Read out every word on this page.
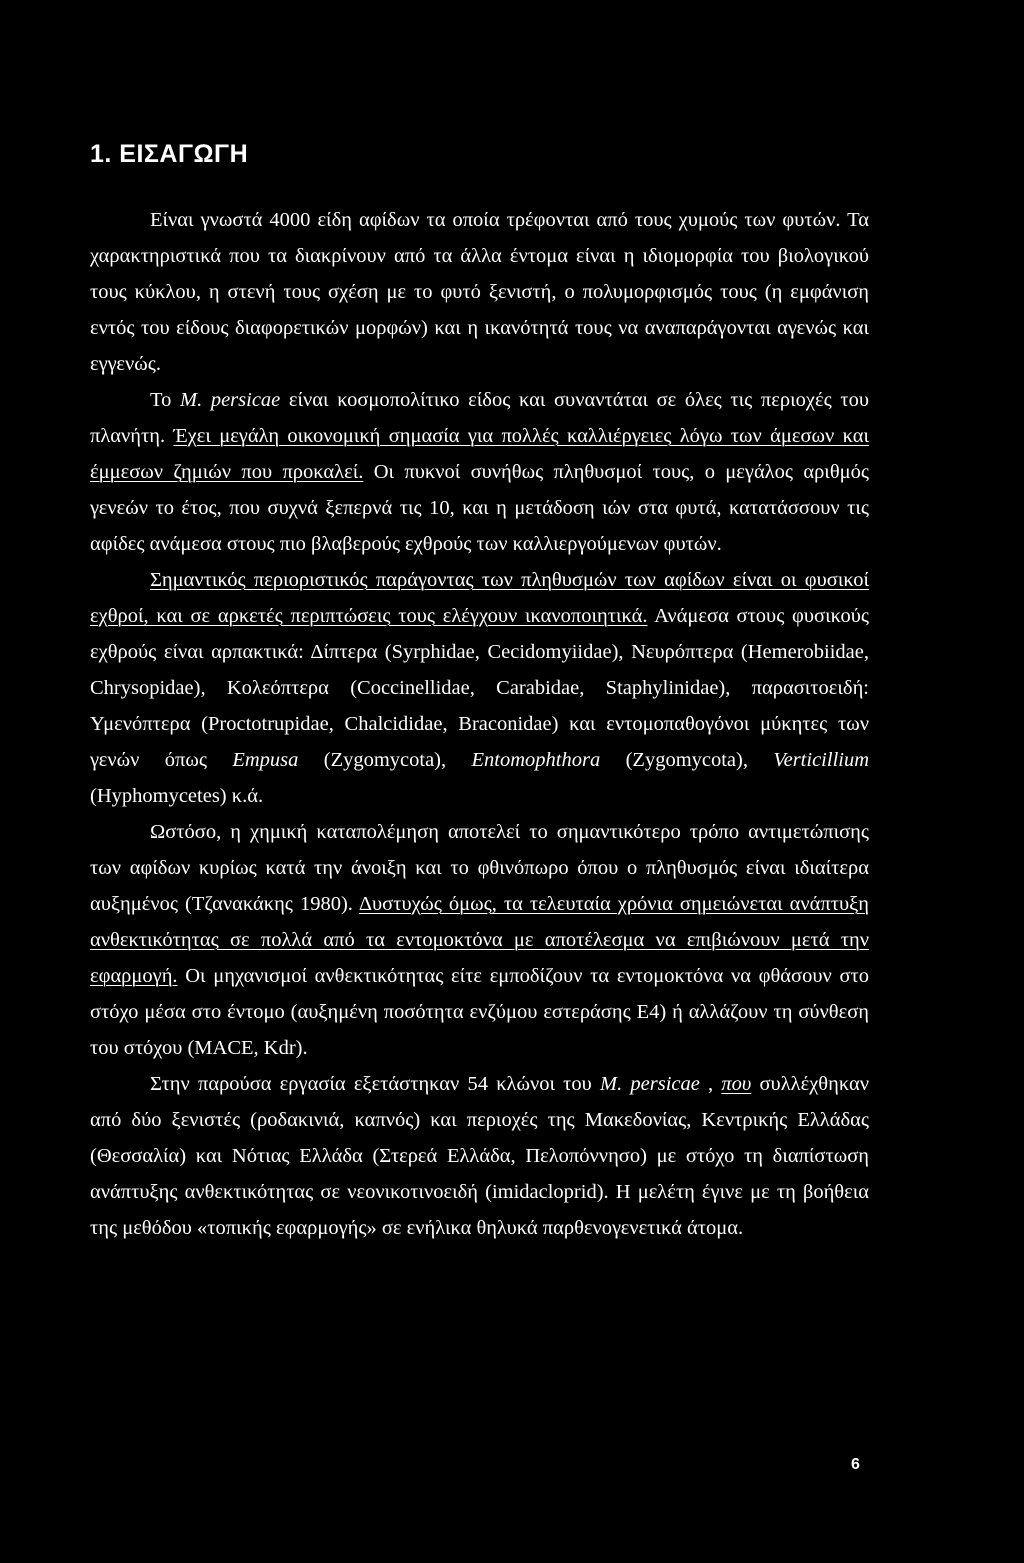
1. ΕΙΣΑΓΩΓΗ

Είναι γνωστά 4000 είδη αφίδων τα οποία τρέφονται από τους χυμούς των φυτών. Τα χαρακτηριστικά που τα διακρίνουν από τα άλλα έντομα είναι η ιδιομορφία του βιολογικού τους κύκλου, η στενή τους σχέση με το φυτό ξενιστή, ο πολυμορφισμός τους (η εμφάνιση εντός του είδους διαφορετικών μορφών) και η ικανότητά τους να αναπαράγονται αγενώς και εγγενώς.

Το M. persicae είναι κοσμοπολίτικο είδος και συναντάται σε όλες τις περιοχές του πλανήτη. Έχει μεγάλη οικονομική σημασία για πολλές καλλιέργειες λόγω των άμεσων και έμμεσων ζημιών που προκαλεί. Οι πυκνοί συνήθως πληθυσμοί τους, ο μεγάλος αριθμός γενεών το έτος, που συχνά ξεπερνά τις 10, και η μετάδοση ιών στα φυτά, κατατάσσουν τις αφίδες ανάμεσα στους πιο βλαβερούς εχθρούς των καλλιεργούμενων φυτών.

Σημαντικός περιοριστικός παράγοντας των πληθυσμών των αφίδων είναι οι φυσικοί εχθροί, και σε αρκετές περιπτώσεις τους ελέγχουν ικανοποιητικά. Ανάμεσα στους φυσικούς εχθρούς είναι αρπακτικά: Δίπτερα (Syrphidae, Cecidomyiidae), Νευρόπτερα (Hemerobiidae, Chrysopidae), Κολεόπτερα (Coccinellidae, Carabidae, Staphylinidae), παρασιτοειδή: Υμενόπτερα (Proctotrupidae, Chalcididae, Braconidae) και εντομοπαθογόνοι μύκητες των γενών όπως Empusa (Zygomycota), Entomophthora (Zygomycota), Verticillium (Hyphomycetes) κ.ά.

Ωστόσο, η χημική καταπολέμηση αποτελεί το σημαντικότερο τρόπο αντιμετώπισης των αφίδων κυρίως κατά την άνοιξη και το φθινόπωρο όπου ο πληθυσμός είναι ιδιαίτερα αυξημένος (Τζανακάκης 1980). Δυστυχώς όμως, τα τελευταία χρόνια σημειώνεται ανάπτυξη ανθεκτικότητας σε πολλά από τα εντομοκτόνα με αποτέλεσμα να επιβιώνουν μετά την εφαρμογή. Οι μηχανισμοί ανθεκτικότητας είτε εμποδίζουν τα εντομοκτόνα να φθάσουν στο στόχο μέσα στο έντομο (αυξημένη ποσότητα ενζύμου εστεράσης Ε4) ή αλλάζουν τη σύνθεση του στόχου (MACE, Kdr).

Στην παρούσα εργασία εξετάστηκαν 54 κλώνοι του M. persicae , που συλλέχθηκαν από δύο ξενιστές (ροδακινιά, καπνός) και περιοχές της Μακεδονίας, Κεντρικής Ελλάδας (Θεσσαλία) και Νότιας Ελλάδα (Στερεά Ελλάδα, Πελοπόννησο) με στόχο τη διαπίστωση ανάπτυξης ανθεκτικότητας σε νεονικοτινοειδή (imidacloprid). Η μελέτη έγινε με τη βοήθεια της μεθόδου «τοπικής εφαρμογής» σε ενήλικα θηλυκά παρθενογενετικά άτομα.

6
